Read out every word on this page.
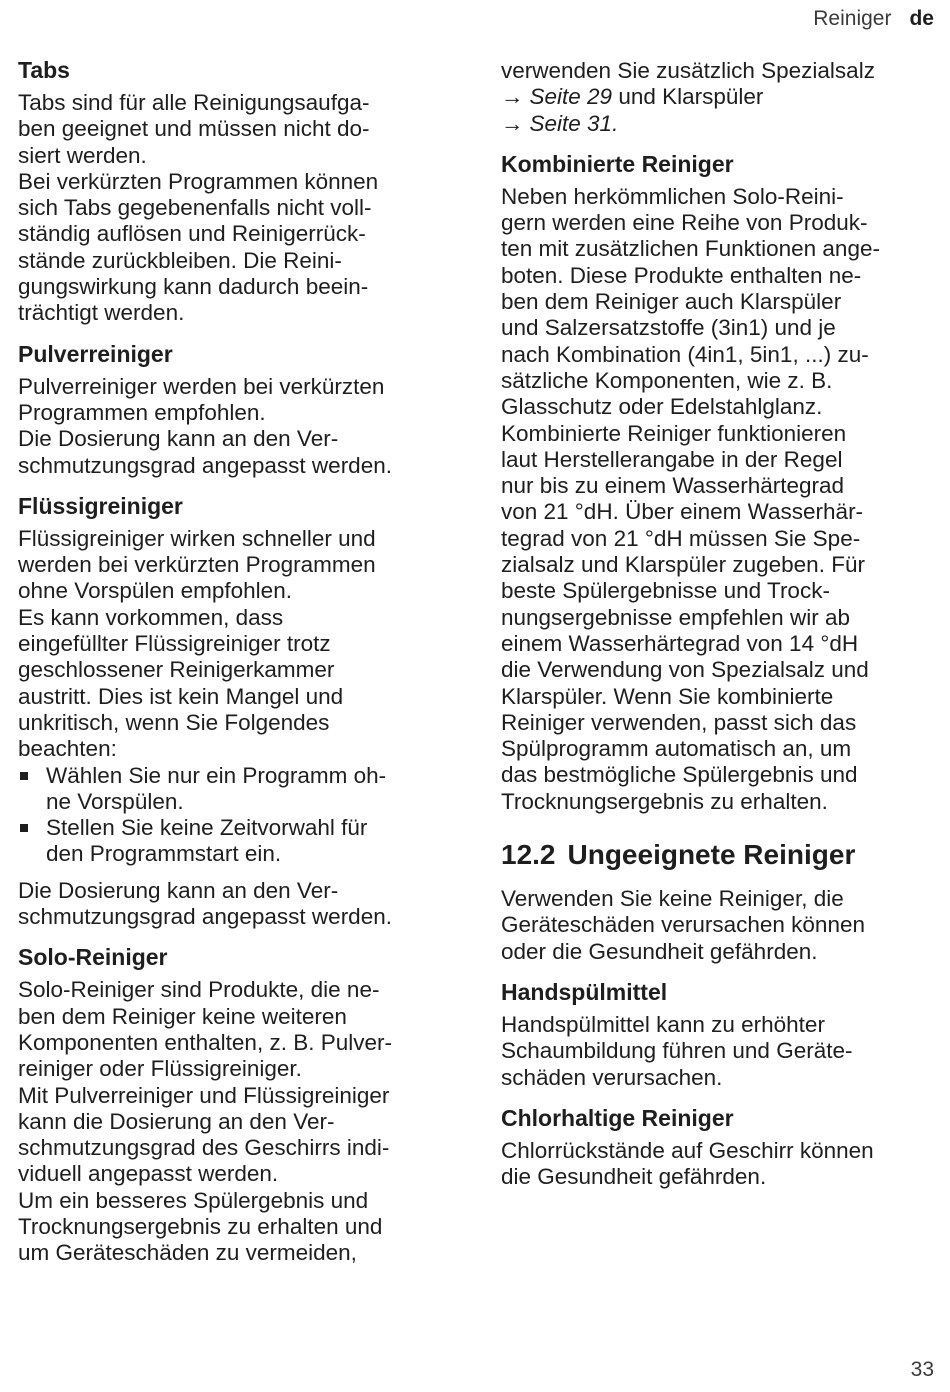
Reiniger de
Tabs

Tabs sind für alle Reinigungsaufga-
ben geeignet und müssen nicht do-
siert werden.

Bei verkürzten Programmen können
sich Tabs gegebenenfalls nicht voll-
ständig auflösen und Reinigerrück-
stände zurückbleiben. Die Reini-
gungswirkung kann dadurch beein-
trächtigt werden.

Pulverreiniger

Pulverreiniger werden bei verkürzten
Programmen empfohlen.

Die Dosierung kann an den Ver-
schmutzungsgrad angepasst werden.

Flüssigreiniger

Flüssigreiniger wirken schneller und
werden bei verkürzten Programmen
ohne Vorspülen empfohlen.

Es kann vorkommen, dass
eingefüllter Flüssigreiniger trotz
geschlossener Reinigerkammer
austritt. Dies ist kein Mangel und
unkritisch, wenn Sie Folgendes
beachten:

Wählen Sie nur ein Programm oh-
ne Vorspülen.
Stellen Sie keine Zeitvorwahl für
den Programmstart ein.

Die Dosierung kann an den Ver-
schmutzungsgrad angepasst werden.

Solo-Reiniger

Solo-Reiniger sind Produkte, die ne-
ben dem Reiniger keine weiteren
Komponenten enthalten, z. B. Pulver-
reiniger oder Flüssigreiniger.

Mit Pulverreiniger und Flüssigreiniger
kann die Dosierung an den Ver-
schmutzungsgrad des Geschirrs indi-
viduell angepasst werden.

Um ein besseres Spülergebnis und
Trocknungsergebnis zu erhalten und
um Geräteschäden zu vermeiden,

verwenden Sie zusätzlich Spezialsalz
→ Seite 29 und Klarspüler
→ Seite 31.
Kombinierte Reiniger

Neben herkömmlichen Solo-Reini-
gern werden eine Reihe von Produk-
ten mit zusätzlichen Funktionen ange-
boten. Diese Produkte enthalten ne-
ben dem Reiniger auch Klarspüler
und Salzersatzstoffe (3in1) und je
nach Kombination (4in1, 5in1, ...) zu-
sätzliche Komponenten, wie z. B.
Glasschutz oder Edelstahlglanz.

Kombinierte Reiniger funktionieren
laut Herstellerangabe in der Regel
nur bis zu einem Wasserhärtegrad
von 21 °dH. Über einem Wasserhär-
tegrad von 21 °dH müssen Sie Spe-
zialsalz und Klarspüler zugeben. Für
beste Spülergebnisse und Trock-
nungsergebnisse empfehlen wir ab
einem Wasserhärtegrad von 14 °dH
die Verwendung von Spezialsalz und
Klarspüler. Wenn Sie kombinierte
Reiniger verwenden, passt sich das
Spülprogramm automatisch an, um
das bestmögliche Spülergebnis und
Trocknungsergebnis zu erhalten.

12.2 Ungeeignete Reiniger
Verwenden Sie keine Reiniger, die
Geräteschäden verursachen können
oder die Gesundheit gefährden.
Handspülmittel

Handspülmittel kann zu erhöhter
Schaumbildung führen und Geräte-
schäden verursachen.

Chlorhaltige Reiniger

Chlorrückstände auf Geschirr können
die Gesundheit gefährden.

33
